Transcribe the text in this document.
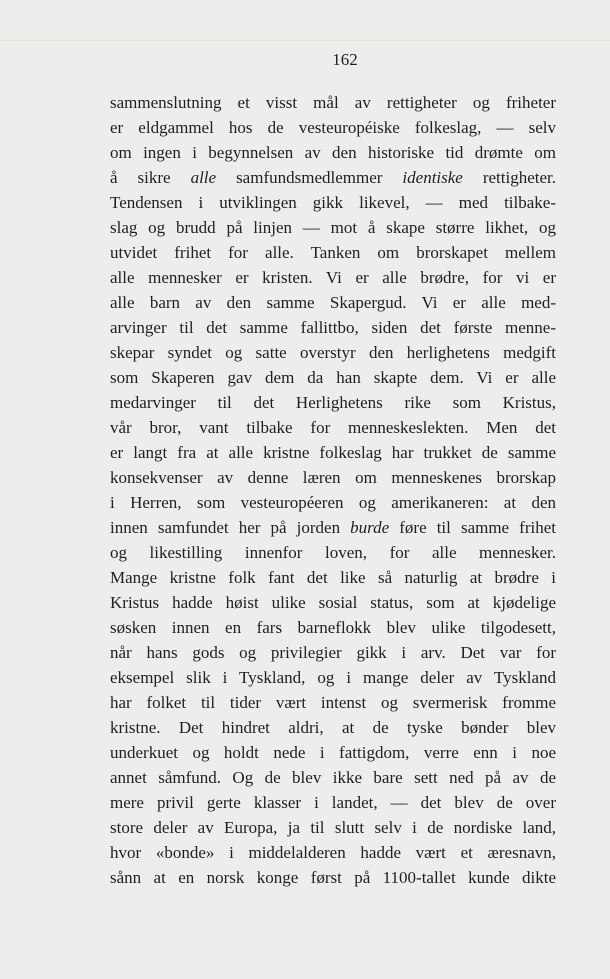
162
sammenslutning et visst mål av rettigheter og friheter
er eldgammel hos de vesteuropéiske folkeslag, — selv
om ingen i begynnelsen av den historiske tid drømte om
å sikre alle samfundsmedlemmer identiske rettigheter.
Tendensen i utviklingen gikk likevel, — med tilbake-
slag og brudd på linjen — mot å skape større likhet, og
utvidet frihet for alle. Tanken om brorskapet mellem
alle mennesker er kristen. Vi er alle brødre, for vi er
alle barn av den samme Skapergud. Vi er alle med-
arvinger til det samme fallittbo, siden det første menne-
skepar syndet og satte overstyr den herlighetens medgift
som Skaperen gav dem da han skapte dem. Vi er alle
medarvinger til det Herlighetens rike som Kristus,
vår bror, vant tilbake for menneskeslekten. Men det
er langt fra at alle kristne folkeslag har trukket de samme
konsekvenser av denne læren om menneskenes brorskap
i Herren, som vesteuropéeren og amerikaneren: at den
innen samfundet her på jorden burde føre til samme frihet
og likestilling innenfor loven, for alle mennesker.
Mange kristne folk fant det like så naturlig at brødre i
Kristus hadde høist ulike sosial status, som at kjødelige
søsken innen en fars barneflokk blev ulike tilgodesett,
når hans gods og privilegier gikk i arv. Det var for
eksempel slik i Tyskland, og i mange deler av Tyskland
har folket til tider vært intenst og svermerisk fromme
kristne. Det hindret aldri, at de tyske bønder blev
underkuet og holdt nede i fattigdom, verre enn i noe
annet såmfund. Og de blev ikke bare sett ned på av de
mere privil gerte klasser i landet, — det blev de over
store deler av Europa, ja til slutt selv i de nordiske land,
hvor «bonde» i middelalderen hadde vært et æresnavn,
sånn at en norsk konge først på 1100-tallet kunde dikte
